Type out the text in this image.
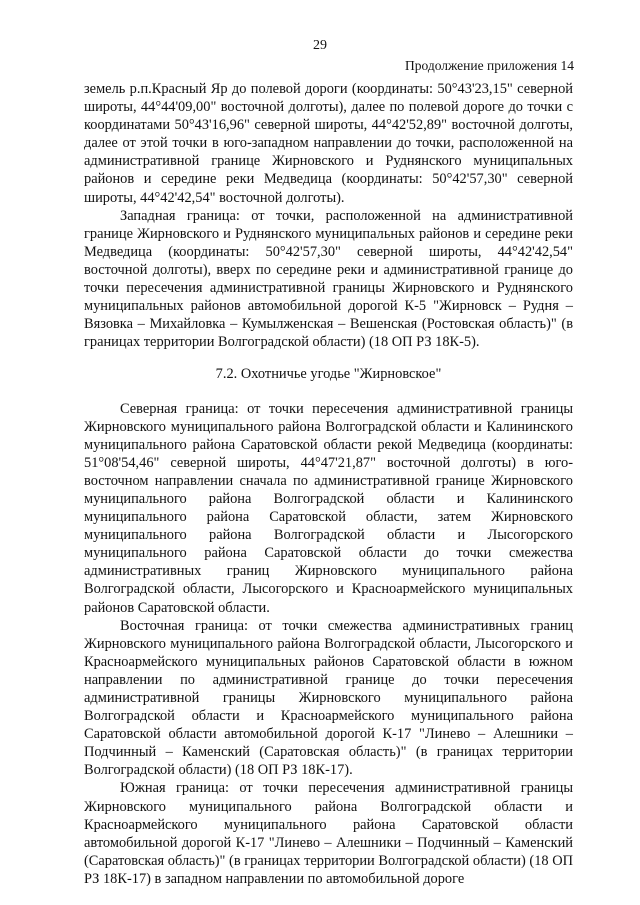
29
Продолжение приложения 14

земель р.п.Красный Яр до полевой дороги (координаты: 50°43'23,15" северной широты, 44°44'09,00" восточной долготы), далее по полевой дороге до точки с координатами 50°43'16,96" северной широты, 44°42'52,89" восточной долготы, далее от этой точки в юго-западном направлении до точки, расположенной на административной границе Жирновского и Руднянского муниципальных районов и середине реки Медведица (координаты: 50°42'57,30" северной широты, 44°42'42,54" восточной долготы).

Западная граница: от точки, расположенной на административной границе Жирновского и Руднянского муниципальных районов и середине реки Медведица (координаты: 50°42'57,30" северной широты, 44°42'42,54" восточной долготы), вверх по середине реки и административной границе до точки пересечения административной границы Жирновского и Руднянского муниципальных районов автомобильной дорогой К-5 "Жирновск – Рудня – Вязовка – Михайловка – Кумылженская – Вешенская (Ростовская область)" (в границах территории Волгоградской области) (18 ОП РЗ 18К-5).

7.2. Охотничье угодье "Жирновское"

Северная граница: от точки пересечения административной границы Жирновского муниципального района Волгоградской области и Калининского муниципального района Саратовской области рекой Медведица (координаты: 51°08'54,46" северной широты, 44°47'21,87" восточной долготы) в юго-восточном направлении сначала по административной границе Жирновского муниципального района Волгоградской области и Калининского муниципального района Саратовской области, затем Жирновского муниципального района Волгоградской области и Лысогорского муниципального района Саратовской области до точки смежества административных границ Жирновского муниципального района Волгоградской области, Лысогорского и Красноармейского муниципальных районов Саратовской области.

Восточная граница: от точки смежества административных границ Жирновского муниципального района Волгоградской области, Лысогорского и Красноармейского муниципальных районов Саратовской области в южном направлении по административной границе до точки пересечения административной границы Жирновского муниципального района Волгоградской области и Красноармейского муниципального района Саратовской области автомобильной дорогой К-17 "Линево – Алешники – Подчинный – Каменский (Саратовская область)" (в границах территории Волгоградской области) (18 ОП РЗ 18К-17).

Южная граница: от точки пересечения административной границы Жирновского муниципального района Волгоградской области и Красноармейского муниципального района Саратовской области автомобильной дорогой К-17 "Линево – Алешники – Подчинный – Каменский (Саратовская область)" (в границах территории Волгоградской области) (18 ОП РЗ 18К-17) в западном направлении по автомобильной дороге
